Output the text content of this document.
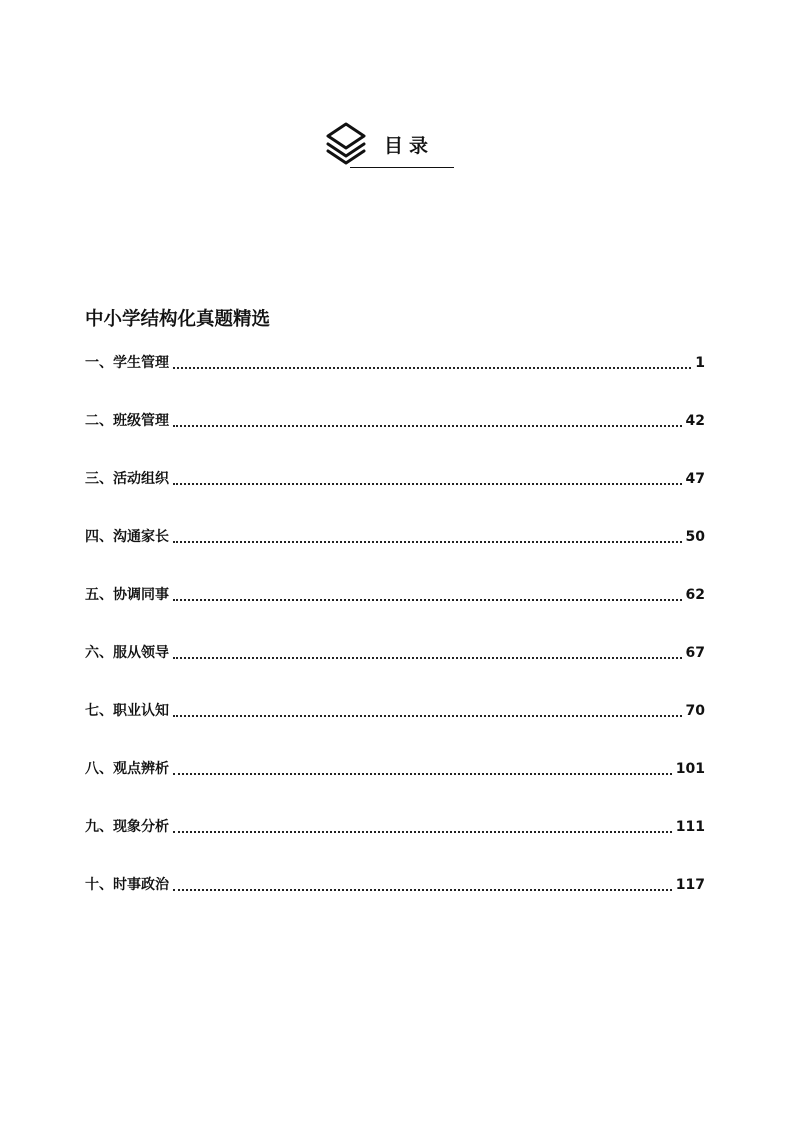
目录
中小学结构化真题精选
一、学生管理	1
二、班级管理	42
三、活动组织	47
四、沟通家长	50
五、协调同事	62
六、服从领导	67
七、职业认知	70
八、观点辨析	101
九、现象分析	111
十、时事政治	117
